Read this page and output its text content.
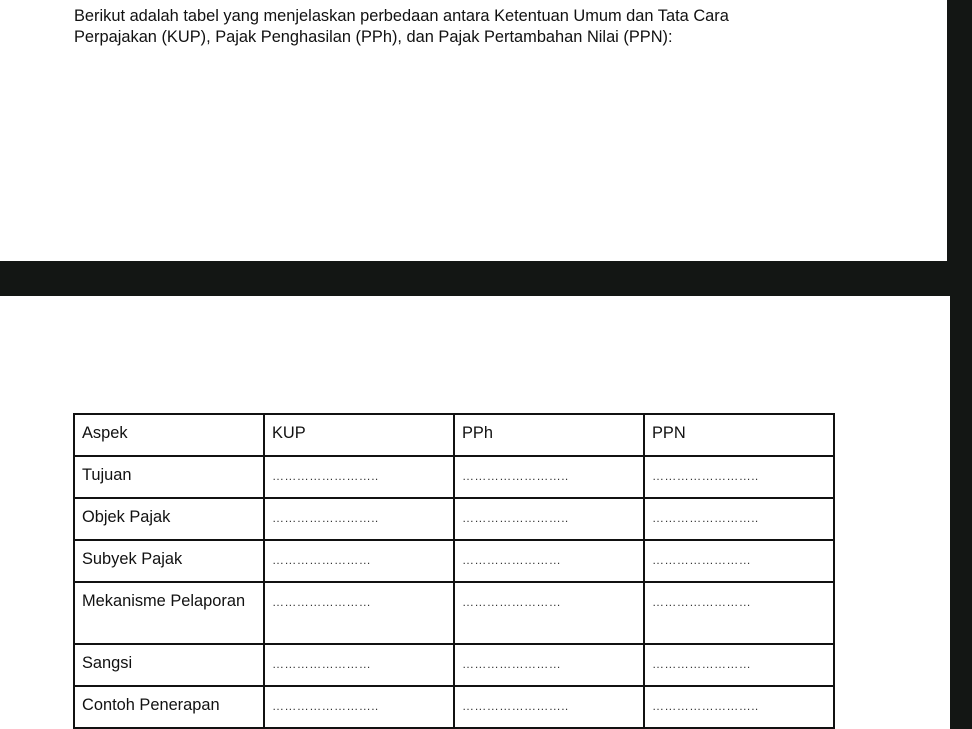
Berikut adalah tabel yang menjelaskan perbedaan antara Ketentuan Umum dan Tata Cara
Perpajakan (KUP), Pajak Penghasilan (PPh), dan Pajak Pertambahan Nilai (PPN):

Aspek	KUP	PPh	PPN
Tujuan	……………………..	……………………..	……………………..
Objek Pajak	……………………..	……………………..	……………………..
Subyek Pajak	……………………	……………………	……………………
Mekanisme Pelaporan	……………………	……………………	……………………
Sangsi	……………………	……………………	……………………
Contoh Penerapan	……………………..	……………………..	……………………..
